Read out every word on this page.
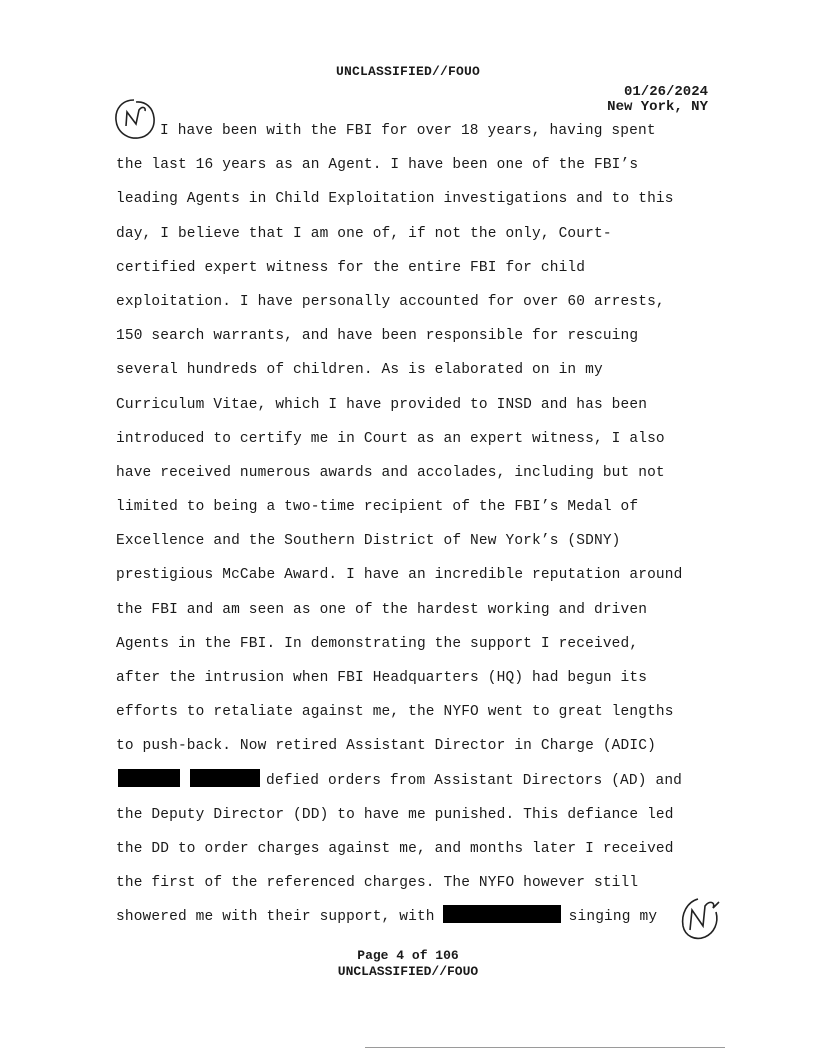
UNCLASSIFIED//FOUO
01/26/2024
New York, NY
I have been with the FBI for over 18 years, having spent
the last 16 years as an Agent. I have been one of the FBI’s
leading Agents in Child Exploitation investigations and to this
day, I believe that I am one of, if not the only, Court-
certified expert witness for the entire FBI for child
exploitation. I have personally accounted for over 60 arrests,
150 search warrants, and have been responsible for rescuing
several hundreds of children. As is elaborated on in my
Curriculum Vitae, which I have provided to INSD and has been
introduced to certify me in Court as an expert witness, I also
have received numerous awards and accolades, including but not
limited to being a two-time recipient of the FBI’s Medal of
Excellence and the Southern District of New York’s (SDNY)
prestigious McCabe Award. I have an incredible reputation around
the FBI and am seen as one of the hardest working and driven
Agents in the FBI. In demonstrating the support I received,
after the intrusion when FBI Headquarters (HQ) had begun its
efforts to retaliate against me, the NYFO went to great lengths
to push-back. Now retired Assistant Director in Charge (ADIC)
defied orders from Assistant Directors (AD) and
the Deputy Director (DD) to have me punished. This defiance led
the DD to order charges against me, and months later I received
the first of the referenced charges. The NYFO however still
showered me with their support, with	singing my
Page 4 of 106
UNCLASSIFIED//FOUO
